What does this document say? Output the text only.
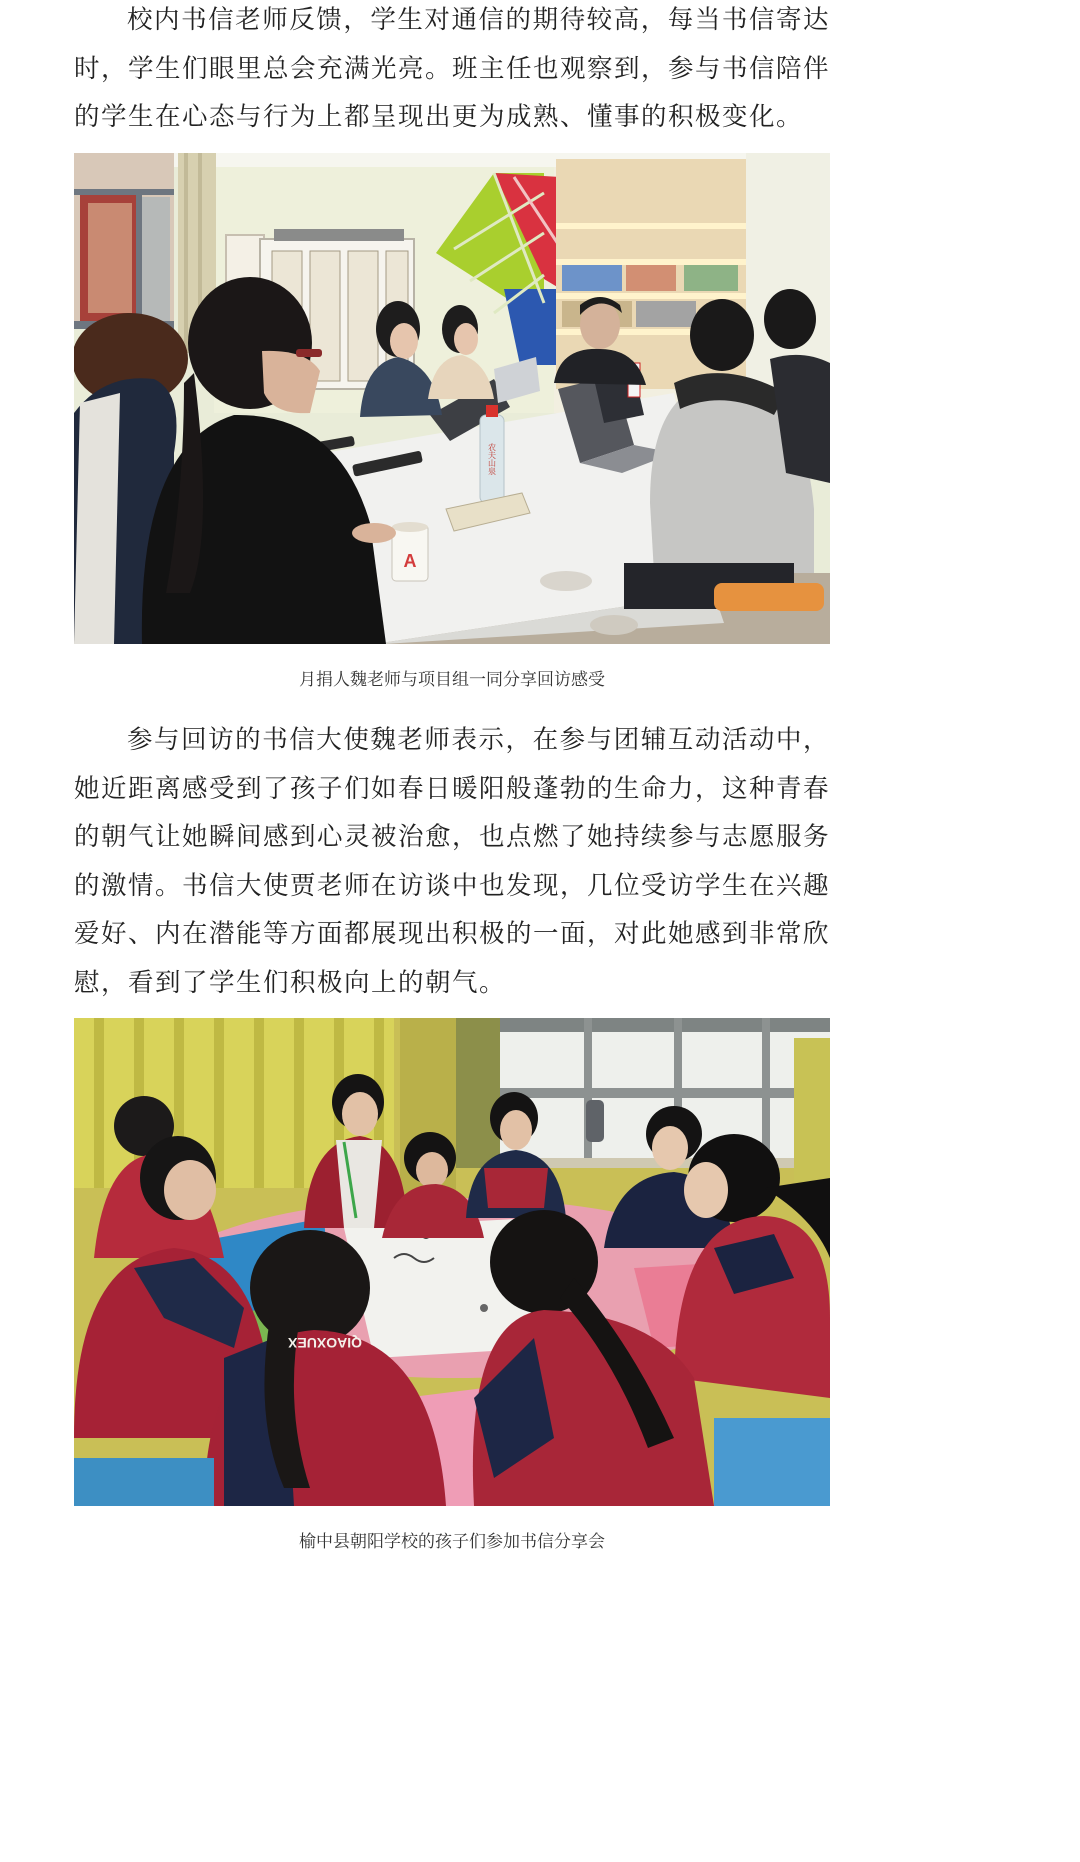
校内书信老师反馈，学生对通信的期待较高，每当书信寄达时，学生们眼里总会充满光亮。班主任也观察到，参与书信陪伴的学生在心态与行为上都呈现出更为成熟、懂事的积极变化。

A
农夫山泉

月捐人魏老师与项目组一同分享回访感受

参与回访的书信大使魏老师表示，在参与团辅互动活动中，她近距离感受到了孩子们如春日暖阳般蓬勃的生命力，这种青春的朝气让她瞬间感到心灵被治愈，也点燃了她持续参与志愿服务的激情。书信大使贾老师在访谈中也发现，几位受访学生在兴趣爱好、内在潜能等方面都展现出积极的一面，对此她感到非常欣慰，看到了学生们积极向上的朝气。

QIAOXUEX

榆中县朝阳学校的孩子们参加书信分享会
